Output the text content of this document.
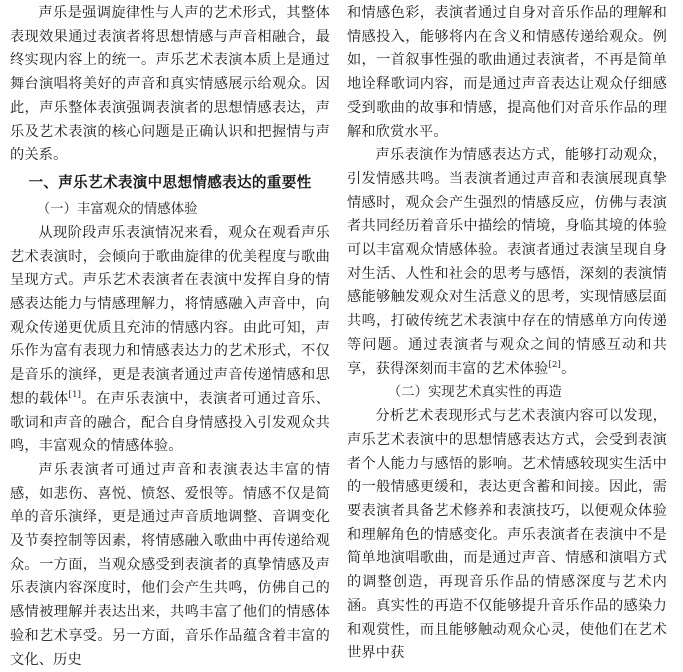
声乐是强调旋律性与人声的艺术形式，其整体表现效果通过表演者将思想情感与声音相融合，最终实现内容上的统一。声乐艺术表演本质上是通过舞台演唱将美好的声音和真实情感展示给观众。因此，声乐整体表演强调表演者的思想情感表达，声乐及艺术表演的核心问题是正确认识和把握情与声的关系。

一、声乐艺术表演中思想情感表达的重要性
（一）丰富观众的情感体验

从现阶段声乐表演情况来看，观众在观看声乐艺术表演时，会倾向于歌曲旋律的优美程度与歌曲呈现方式。声乐艺术表演者在表演中发挥自身的情感表达能力与情感理解力，将情感融入声音中，向观众传递更优质且充沛的情感内容。由此可知，声乐作为富有表现力和情感表达力的艺术形式，不仅是音乐的演绎，更是表演者通过声音传递情感和思想的载体[1]。在声乐表演中，表演者可通过音乐、歌词和声音的融合，配合自身情感投入引发观众共鸣，丰富观众的情感体验。

声乐表演者可通过声音和表演表达丰富的情感，如悲伤、喜悦、愤怒、爱恨等。情感不仅是简单的音乐演绎，更是通过声音质地调整、音调变化及节奏控制等因素，将情感融入歌曲中再传递给观众。一方面，当观众感受到表演者的真挚情感及声乐表演内容深度时，他们会产生共鸣，仿佛自己的感情被理解并表达出来，共鸣丰富了他们的情感体验和艺术享受。另一方面，音乐作品蕴含着丰富的文化、历史

和情感色彩，表演者通过自身对音乐作品的理解和情感投入，能够将内在含义和情感传递给观众。例如，一首叙事性强的歌曲通过表演者，不再是简单地诠释歌词内容，而是通过声音表达让观众仔细感受到歌曲的故事和情感，提高他们对音乐作品的理解和欣赏水平。

声乐表演作为情感表达方式，能够打动观众，引发情感共鸣。当表演者通过声音和表演展现真挚情感时，观众会产生强烈的情感反应，仿佛与表演者共同经历着音乐中描绘的情境，身临其境的体验可以丰富观众情感体验。表演者通过表演呈现自身对生活、人性和社会的思考与感悟，深刻的表演情感能够触发观众对生活意义的思考，实现情感层面共鸣，打破传统艺术表演中存在的情感单方向传递等问题。通过表演者与观众之间的情感互动和共享，获得深刻而丰富的艺术体验[2]。

（二）实现艺术真实性的再造

分析艺术表现形式与艺术表演内容可以发现，声乐艺术表演中的思想情感表达方式，会受到表演者个人能力与感悟的影响。艺术情感较现实生活中的一般情感更缓和，表达更含蓄和间接。因此，需要表演者具备艺术修养和表演技巧，以便观众体验和理解角色的情感变化。声乐表演者在表演中不是简单地演唱歌曲，而是通过声音、情感和演唱方式的调整创造，再现音乐作品的情感深度与艺术内涵。真实性的再造不仅能够提升音乐作品的感染力和观赏性，而且能够触动观众心灵，使他们在艺术世界中获
